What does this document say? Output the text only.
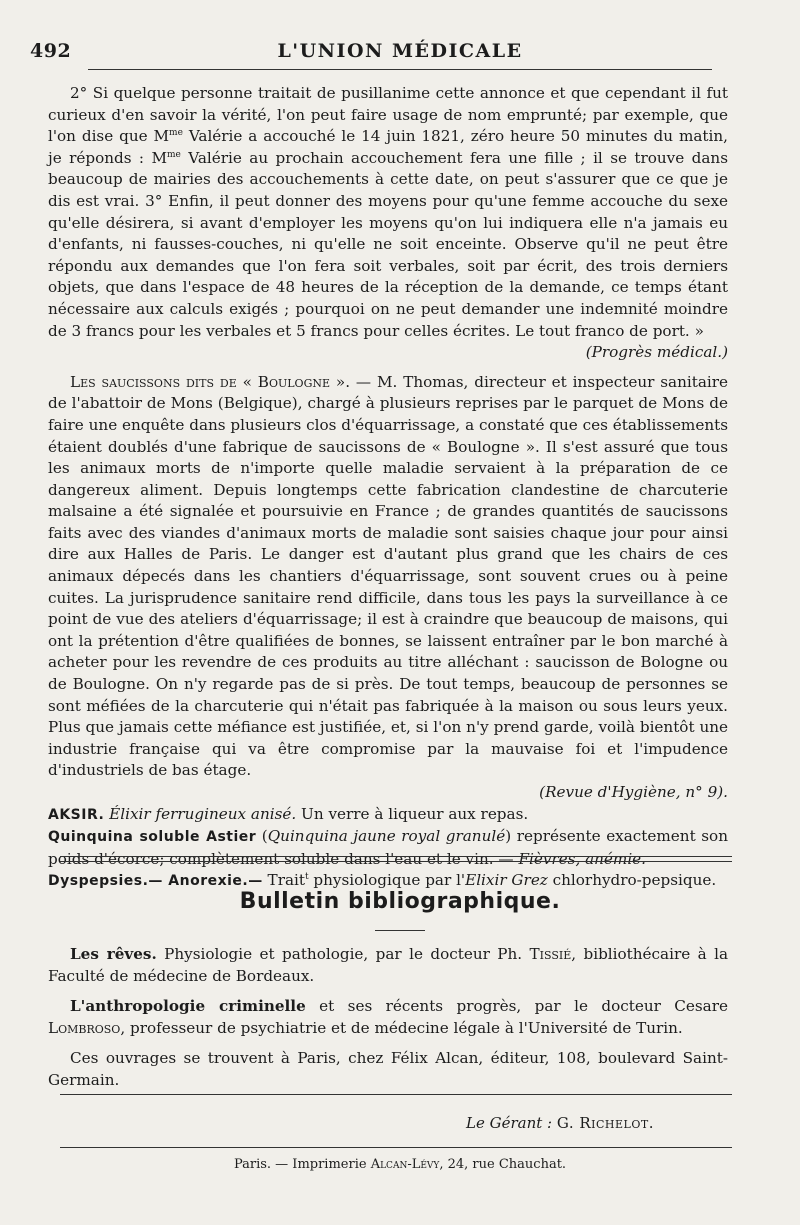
492	L'UNION MÉDICALE

2° Si quelque personne traitait de pusillanime cette annonce et que cependant il fut curieux d'en savoir la vérité, l'on peut faire usage de nom emprunté; par exemple, que l'on dise que $M^{me}$ Valérie a accouché le 14 juin 1821, zéro heure 50 minutes du matin, je réponds : $M^{me}$ Valérie au prochain accouchement fera une fille ; il se trouve dans beaucoup de mairies des accouchements à cette date, on peut s'assurer que ce que je dis est vrai. 3° Enfin, il peut donner des moyens pour qu'une femme accouche du sexe qu'elle désirera, si avant d'employer les moyens qu'on lui indiquera elle n'a jamais eu d'enfants, ni fausses-couches, ni qu'elle ne soit enceinte. Observe qu'il ne peut être répondu aux demandes que l'on fera soit verbales, soit par écrit, des trois derniers objets, que dans l'espace de 48 heures de la réception de la demande, ce temps étant nécessaire aux calculs exigés ; pourquoi on ne peut demander une indemnité moindre de 3 francs pour les verbales et 5 francs pour celles écrites. Le tout franco de port. »

(Progrès médical.)

Les saucissons dits de « Boulogne ». — M. Thomas, directeur et inspecteur sanitaire de l'abattoir de Mons (Belgique), chargé à plusieurs reprises par le parquet de Mons de faire une enquête dans plusieurs clos d'équarrissage, a constaté que ces établissements étaient doublés d'une fabrique de saucissons de « Boulogne ». Il s'est assuré que tous les animaux morts de n'importe quelle maladie servaient à la préparation de ce dangereux aliment. Depuis longtemps cette fabrication clandestine de charcuterie malsaine a été signalée et poursuivie en France ; de grandes quantités de saucissons faits avec des viandes d'animaux morts de maladie sont saisies chaque jour pour ainsi dire aux Halles de Paris. Le danger est d'autant plus grand que les chairs de ces animaux dépecés dans les chantiers d'équarrissage, sont souvent crues ou à peine cuites. La jurisprudence sanitaire rend difficile, dans tous les pays la surveillance à ce point de vue des ateliers d'équarrissage; il est à craindre que beaucoup de maisons, qui ont la prétention d'être qualifiées de bonnes, se laissent entraîner par le bon marché à acheter pour les revendre de ces produits au titre alléchant : saucisson de Bologne ou de Boulogne. On n'y regarde pas de si près. De tout temps, beaucoup de personnes se sont méfiées de la charcuterie qui n'était pas fabriquée à la maison ou sous leurs yeux. Plus que jamais cette méfiance est justifiée, et, si l'on n'y prend garde, voilà bientôt une industrie française qui va être compromise par la mauvaise foi et l'impudence d'industriels de bas étage.

(Revue d'Hygiène, n° 9).

AKSIR. Élixir ferrugineux anisé. Un verre à liqueur aux repas.

Quinquina soluble Astier (Quinquina jaune royal granulé) représente exactement son poids d'écorce; complètement soluble dans l'eau et le vin. — Fièvres, anémie.

Dyspepsies.— Anorexie.— Trait$^t$ physiologique par l'Elixir Grez chlorhydro-pepsique.

Bulletin bibliographique.

Les rêves. Physiologie et pathologie, par le docteur Ph. Tissié, bibliothécaire à la Faculté de médecine de Bordeaux.

L'anthropologie criminelle et ses récents progrès, par le docteur Cesare Lombroso, professeur de psychiatrie et de médecine légale à l'Université de Turin.

Ces ouvrages se trouvent à Paris, chez Félix Alcan, éditeur, 108, boulevard Saint-Germain.

Le Gérant : G. Richelot.
Paris. — Imprimerie Alcan-Lévy, 24, rue Chauchat.
